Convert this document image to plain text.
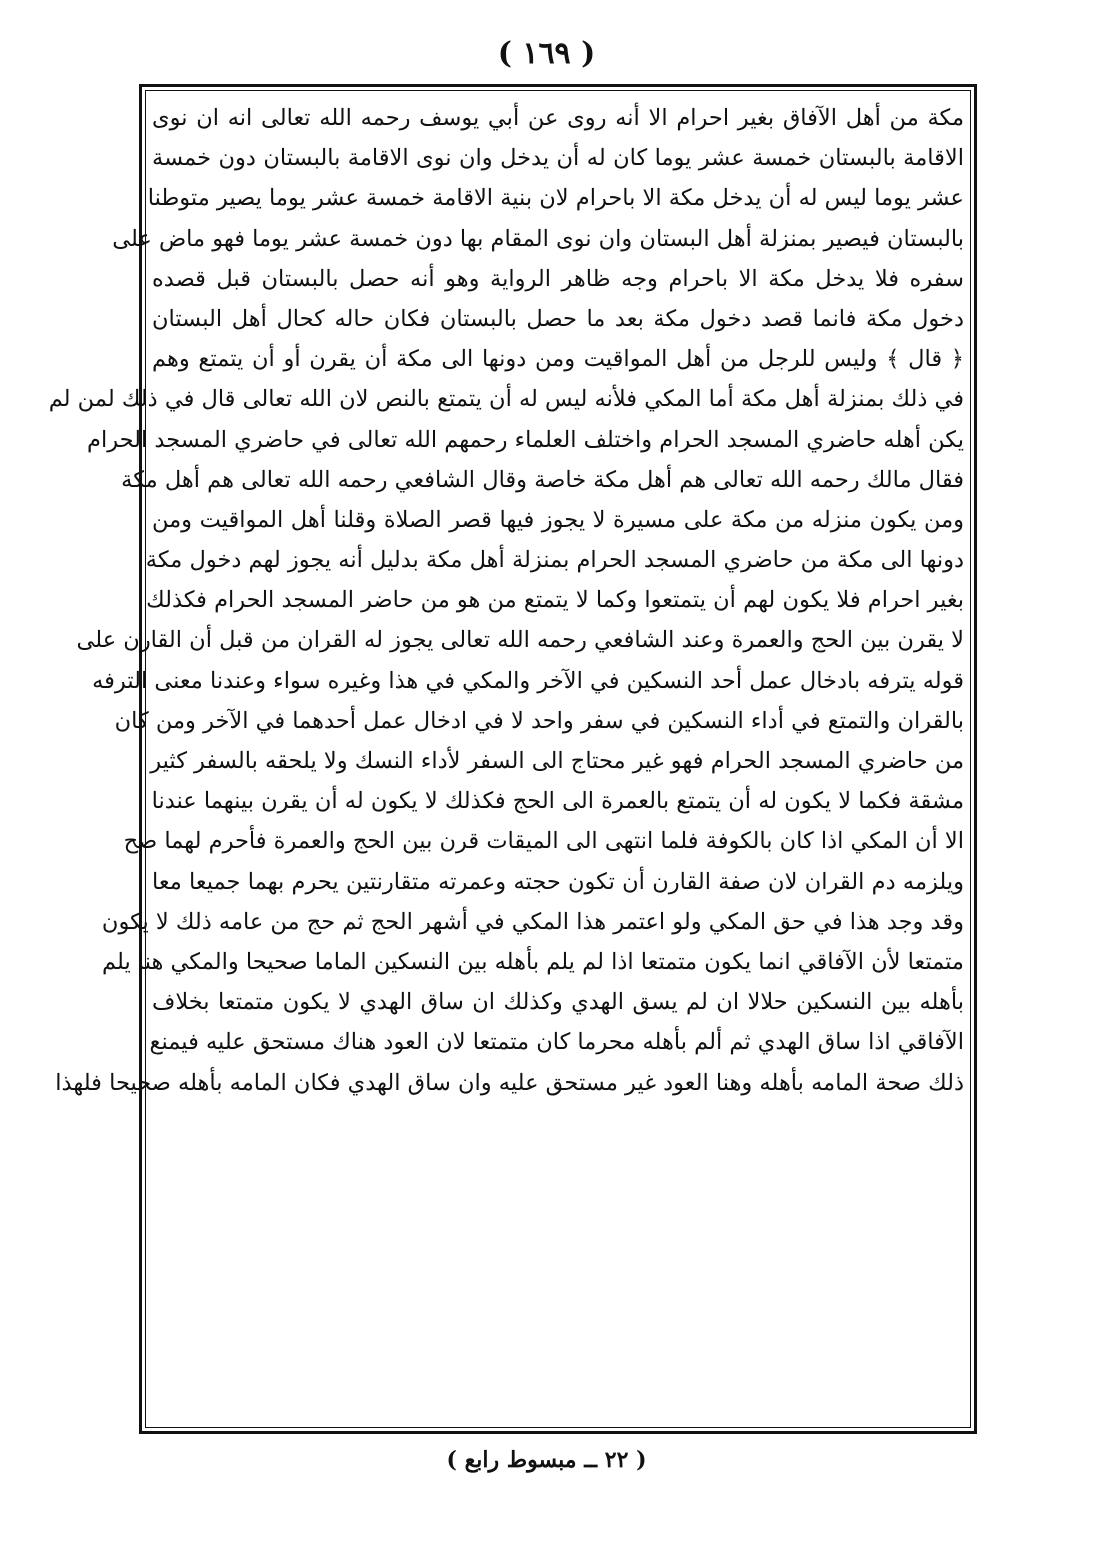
( ١٦٩ )
مكة من أهل الآفاق بغير احرام الا أنه روى عن أبي يوسف رحمه الله تعالى انه ان نوى
الاقامة بالبستان خمسة عشر يوما كان له أن يدخل وان نوى الاقامة بالبستان دون خمسة
عشر يوما ليس له أن يدخل مكة الا باحرام لان بنية الاقامة خمسة عشر يوما يصير متوطنا
بالبستان فيصير بمنزلة أهل البستان وان نوى المقام بها دون خمسة عشر يوما فهو ماض على
سفره فلا يدخل مكة الا باحرام وجه ظاهر الرواية وهو أنه حصل بالبستان قبل قصده
دخول مكة فانما قصد دخول مكة بعد ما حصل بالبستان فكان حاله كحال أهل البستان
﴿ قال ﴾ وليس للرجل من أهل المواقيت ومن دونها الى مكة أن يقرن أو أن يتمتع وهم
في ذلك بمنزلة أهل مكة أما المكي فلأنه ليس له أن يتمتع بالنص لان الله تعالى قال في ذلك لمن لم
يكن أهله حاضري المسجد الحرام واختلف العلماء رحمهم الله تعالى في حاضري المسجد الحرام
فقال مالك رحمه الله تعالى هم أهل مكة خاصة وقال الشافعي رحمه الله تعالى هم أهل مكة
ومن يكون منزله من مكة على مسيرة لا يجوز فيها قصر الصلاة وقلنا أهل المواقيت ومن
دونها الى مكة من حاضري المسجد الحرام بمنزلة أهل مكة بدليل أنه يجوز لهم دخول مكة
بغير احرام فلا يكون لهم أن يتمتعوا وكما لا يتمتع من هو من حاضر المسجد الحرام فكذلك
لا يقرن بين الحج والعمرة وعند الشافعي رحمه الله تعالى يجوز له القران من قبل أن القارن على
قوله يترفه بادخال عمل أحد النسكين في الآخر والمكي في هذا وغيره سواء وعندنا معنى الترفه
بالقران والتمتع في أداء النسكين في سفر واحد لا في ادخال عمل أحدهما في الآخر ومن كان
من حاضري المسجد الحرام فهو غير محتاج الى السفر لأداء النسك ولا يلحقه بالسفر كثير
مشقة فكما لا يكون له أن يتمتع بالعمرة الى الحج فكذلك لا يكون له أن يقرن بينهما عندنا
الا أن المكي اذا كان بالكوفة فلما انتهى الى الميقات قرن بين الحج والعمرة فأحرم لهما صح
ويلزمه دم القران لان صفة القارن أن تكون حجته وعمرته متقارنتين يحرم بهما جميعا معا
وقد وجد هذا في حق المكي ولو اعتمر هذا المكي في أشهر الحج ثم حج من عامه ذلك لا يكون
متمتعا لأن الآفاقي انما يكون متمتعا اذا لم يلم بأهله بين النسكين الماما صحيحا والمكي هنا يلم
بأهله بين النسكين حلالا ان لم يسق الهدي وكذلك ان ساق الهدي لا يكون متمتعا بخلاف
الآفاقي اذا ساق الهدي ثم ألم بأهله محرما كان متمتعا لان العود هناك مستحق عليه فيمنع
ذلك صحة المامه بأهله وهنا العود غير مستحق عليه وان ساق الهدي فكان المامه بأهله صحيحا فلهذا
( ٢٢ ــ مبسوط رابع )
